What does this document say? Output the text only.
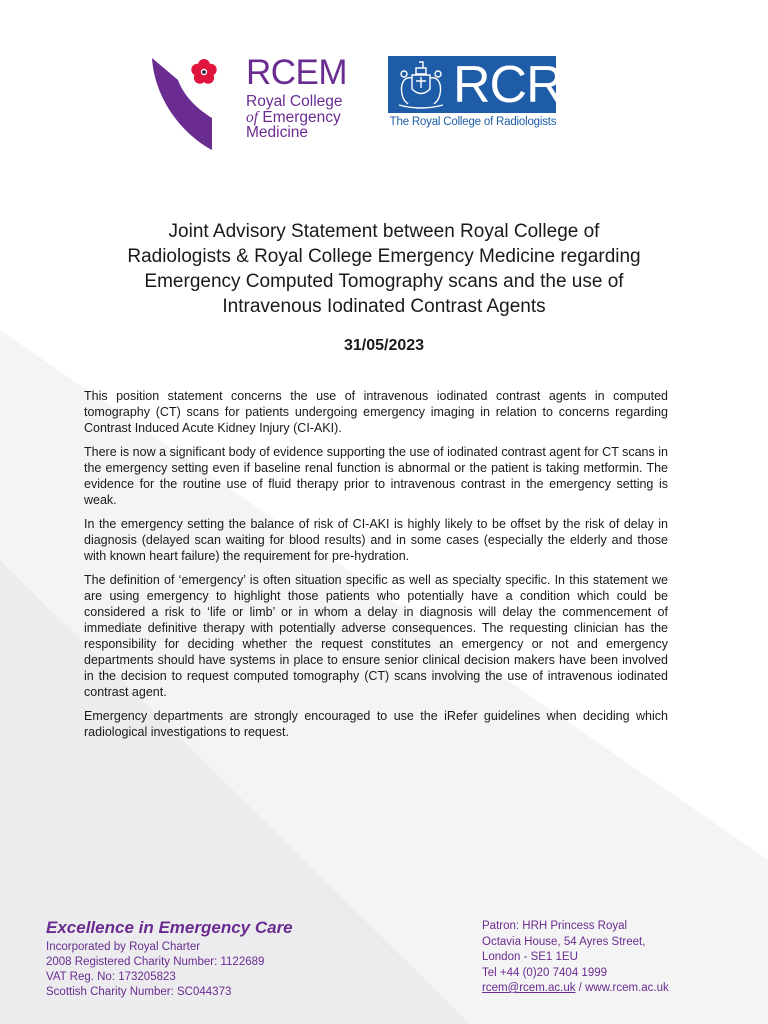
RCEM
Royal College
of Emergency
Medicine
RCR
The Royal College of Radiologists
Joint Advisory Statement between Royal College of
Radiologists & Royal College Emergency Medicine regarding
Emergency Computed Tomography scans and the use of
Intravenous Iodinated Contrast Agents
31/05/2023

This position statement concerns the use of intravenous iodinated contrast agents in computed tomography (CT) scans for patients undergoing emergency imaging in relation to concerns regarding Contrast Induced Acute Kidney Injury (CI-AKI).

There is now a significant body of evidence supporting the use of iodinated contrast agent for CT scans in the emergency setting even if baseline renal function is abnormal or the patient is taking metformin. The evidence for the routine use of fluid therapy prior to intravenous contrast in the emergency setting is weak.

In the emergency setting the balance of risk of CI-AKI is highly likely to be offset by the risk of delay in diagnosis (delayed scan waiting for blood results) and in some cases (especially the elderly and those with known heart failure) the requirement for pre-hydration.

The definition of ‘emergency’ is often situation specific as well as specialty specific. In this statement we are using emergency to highlight those patients who potentially have a condition which could be considered a risk to ‘life or limb’ or in whom a delay in diagnosis will delay the commencement of immediate definitive therapy with potentially adverse consequences. The requesting clinician has the responsibility for deciding whether the request constitutes an emergency or not and emergency departments should have systems in place to ensure senior clinical decision makers have been involved in the decision to request computed tomography (CT) scans involving the use of intravenous iodinated contrast agent.

Emergency departments are strongly encouraged to use the iRefer guidelines when deciding which radiological investigations to request.

Excellence in Emergency Care
Incorporated by Royal Charter
2008 Registered Charity Number: 1122689
VAT Reg. No: 173205823
Scottish Charity Number: SC044373
Patron: HRH Princess Royal
Octavia House, 54 Ayres Street,
London - SE1 1EU
Tel +44 (0)20 7404 1999
rcem@rcem.ac.uk / www.rcem.ac.uk
